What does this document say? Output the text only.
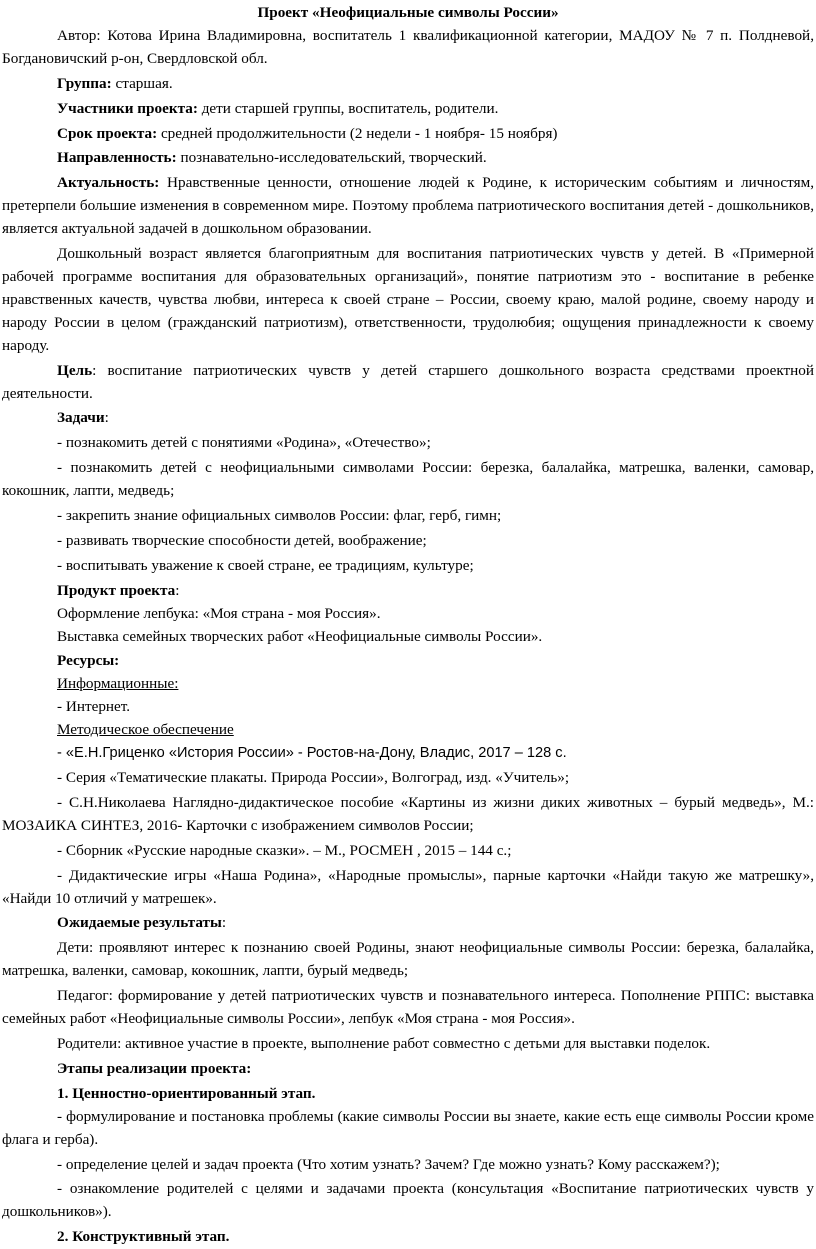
Проект «Неофициальные символы России»

Автор: Котова Ирина Владимировна, воспитатель 1 квалификационной категории, МАДОУ № 7 п. Полдневой, Богдановичский р-он, Свердловской обл.

Группа: старшая.

Участники проекта: дети старшей группы, воспитатель, родители.

Срок проекта: средней продолжительности (2 недели - 1 ноября- 15 ноября)

Направленность: познавательно-исследовательский, творческий.

Актуальность: Нравственные ценности, отношение людей к Родине, к историческим событиям и личностям, претерпели большие изменения в современном мире. Поэтому проблема патриотического воспитания детей - дошкольников, является актуальной задачей в дошкольном образовании.

Дошкольный возраст является благоприятным для воспитания патриотических чувств у детей. В «Примерной рабочей программе воспитания для образовательных организаций», понятие патриотизм это - воспитание в ребенке нравственных качеств, чувства любви, интереса к своей стране – России, своему краю, малой родине, своему народу и народу России в целом (гражданский патриотизм), ответственности, трудолюбия; ощущения принадлежности к своему народу.

Цель: воспитание патриотических чувств у детей старшего дошкольного возраста средствами проектной деятельности.

Задачи:

- познакомить детей с понятиями «Родина», «Отечество»;

- познакомить детей с неофициальными символами России: березка, балалайка, матрешка, валенки, самовар, кокошник, лапти, медведь;

- закрепить знание официальных символов России: флаг, герб, гимн;

- развивать творческие способности детей, воображение;

- воспитывать уважение к своей стране, ее традициям, культуре;

Продукт проекта:

Оформление лепбука: «Моя страна - моя Россия».

Выставка семейных творческих работ «Неофициальные символы России».

Ресурсы:

Информационные:

- Интернет.

Методическое обеспечение

- «Е.Н.Гриценко «История России» - Ростов-на-Дону, Владис, 2017 – 128 с.

- Серия «Тематические плакаты. Природа России», Волгоград, изд. «Учитель»;

- С.Н.Николаева Наглядно-дидактическое пособие «Картины из жизни диких животных – бурый медведь», М.: МОЗАИКА СИНТЕЗ, 2016- Карточки с изображением символов России;

- Сборник «Русские народные сказки». – М., РОСМЕН , 2015 – 144 с.;

- Дидактические игры «Наша Родина», «Народные промыслы», парные карточки «Найди такую же матрешку», «Найди 10 отличий у матрешек».

Ожидаемые результаты:

Дети: проявляют интерес к познанию своей Родины, знают неофициальные символы России: березка, балалайка, матрешка, валенки, самовар, кокошник, лапти, бурый медведь;

Педагог: формирование у детей патриотических чувств и познавательного интереса. Пополнение РППС: выставка семейных работ «Неофициальные символы России», лепбук «Моя страна - моя Россия».

Родители: активное участие в проекте, выполнение работ совместно с детьми для выставки поделок.

Этапы реализации проекта:

1. Ценностно-ориентированный этап.

- формулирование и постановка проблемы (какие символы России вы знаете, какие есть еще символы России кроме флага и герба).

- определение целей и задач проекта (Что хотим узнать? Зачем? Где можно узнать? Кому расскажем?);

- ознакомление родителей с целями и задачами проекта (консультация «Воспитание патриотических чувств у дошкольников»).

2. Конструктивный этап.
